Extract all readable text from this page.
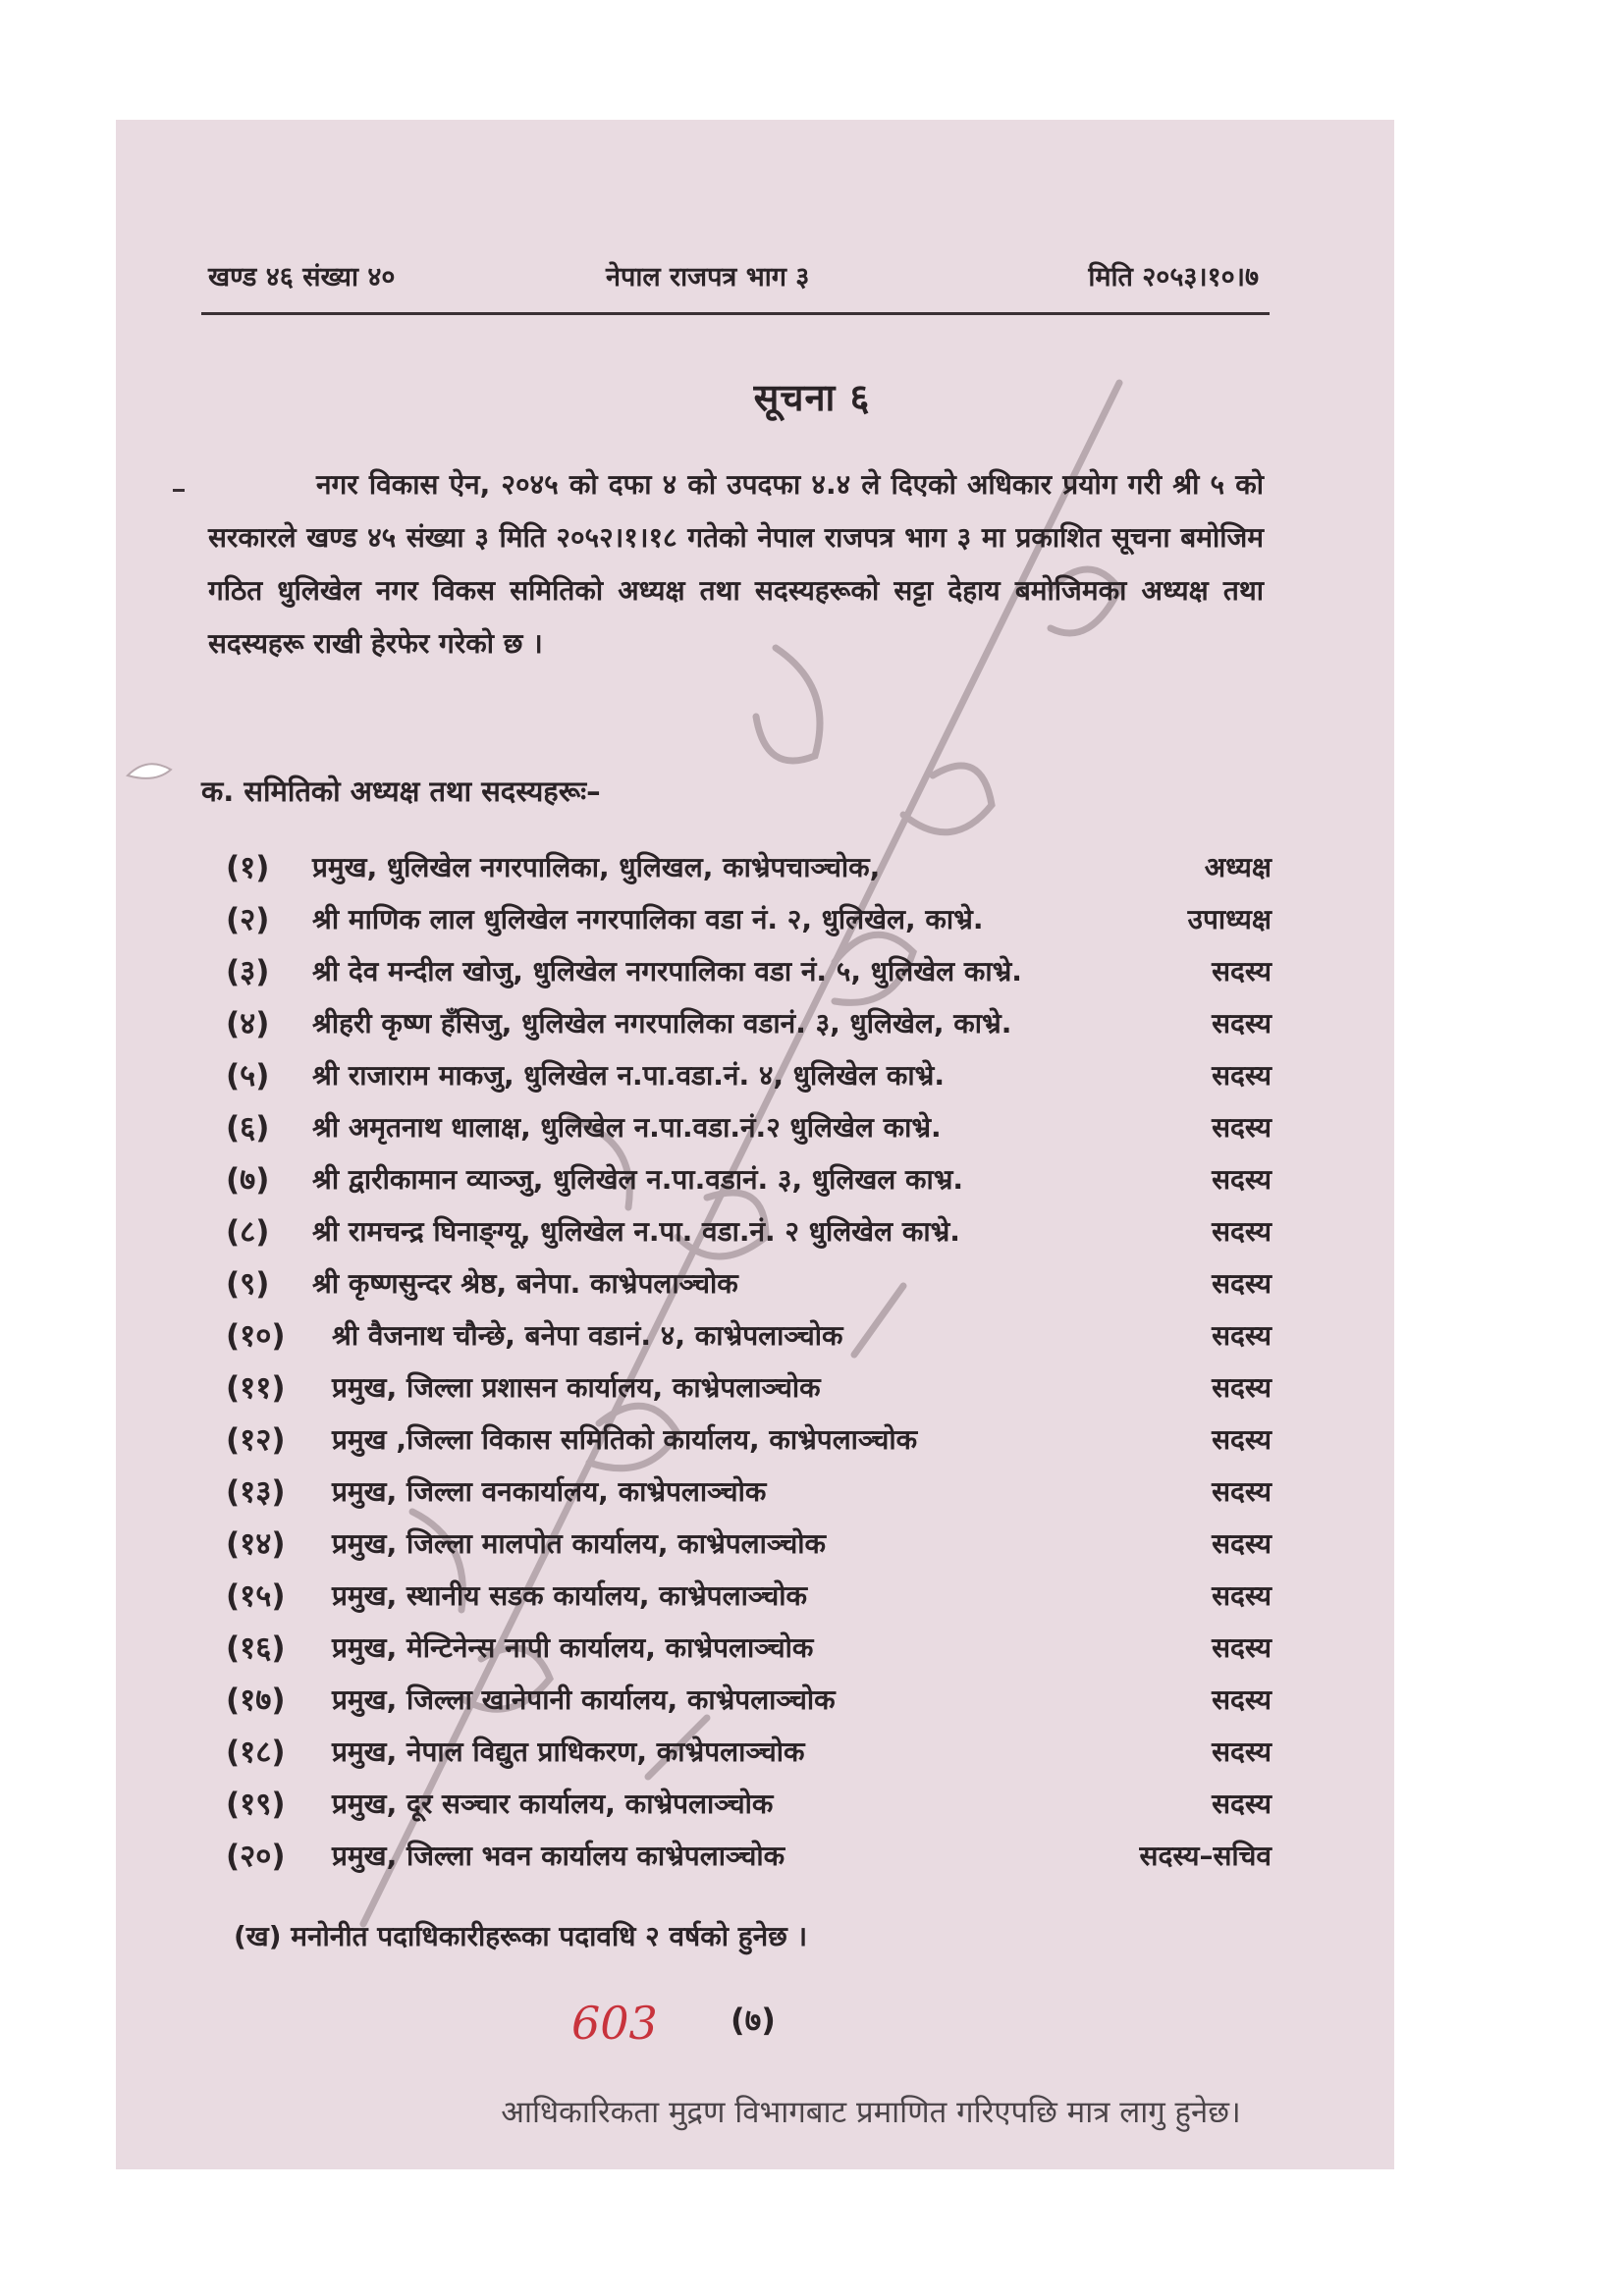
खण्ड ४६ संख्या ४०	नेपाल राजपत्र भाग ३	मिति २०५३।१०।७
सूचना ६
नगर विकास ऐन, २०४५ को दफा ४ को उपदफा ४.४ ले दिएको अधिकार प्रयोग गरी श्री ५ को सरकारले खण्ड ४५ संख्या ३ मिति २०५२।१।१८ गतेको नेपाल राजपत्र भाग ३ मा प्रकाशित सूचना बमोजिम गठित धुलिखेल नगर विकस समितिको अध्यक्ष तथा सदस्यहरूको सट्टा देहाय बमोजिमका अध्यक्ष तथा सदस्यहरू राखी हेरफेर गरेको छ ।
क. समितिको अध्यक्ष तथा सदस्यहरूः–
(१) प्रमुख, धुलिखेल नगरपालिका, धुलिखल, काभ्रेपचाञ्चोक,	अध्यक्ष
(२) श्री माणिक लाल धुलिखेल नगरपालिका वडा नं. २, धुलिखेल, काभ्रे.	उपाध्यक्ष
(३) श्री देव मन्दील खोजु, धुलिखेल नगरपालिका वडा नं. ५, धुलिखेल काभ्रे.	सदस्य
(४) श्रीहरी कृष्ण हँसिजु, धुलिखेल नगरपालिका वडानं. ३, धुलिखेल, काभ्रे.	सदस्य
(५) श्री राजाराम माकजु, धुलिखेल न.पा.वडा.नं. ४, धुलिखेल काभ्रे.	सदस्य
(६) श्री अमृतनाथ धालाक्ष, धुलिखेल न.पा.वडा.नं.२ धुलिखेल काभ्रे.	सदस्य
(७) श्री द्वारीकामान व्याञ्जु, धुलिखेल न.पा.वडानं. ३, धुलिखल काभ्र.	सदस्य
(८) श्री रामचन्द्र घिनाङ्ग्यू, धुलिखेल न.पा. वडा.नं. २ धुलिखेल काभ्रे.	सदस्य
(९) श्री कृष्णसुन्दर श्रेष्ठ, बनेपा. काभ्रेपलाञ्चोक	सदस्य
(१०) श्री वैजनाथ चौन्छे, बनेपा वडानं. ४, काभ्रेपलाञ्चोक	सदस्य
(११) प्रमुख, जिल्ला प्रशासन कार्यालय, काभ्रेपलाञ्चोक	सदस्य
(१२) प्रमुख ,जिल्ला विकास समितिको कार्यालय, काभ्रेपलाञ्चोक	सदस्य
(१३) प्रमुख, जिल्ला वनकार्यालय, काभ्रेपलाञ्चोक	सदस्य
(१४) प्रमुख, जिल्ला मालपोत कार्यालय, काभ्रेपलाञ्चोक	सदस्य
(१५) प्रमुख, स्थानीय सडक कार्यालय, काभ्रेपलाञ्चोक	सदस्य
(१६) प्रमुख, मेन्टिनेन्स नापी कार्यालय, काभ्रेपलाञ्चोक	सदस्य
(१७) प्रमुख, जिल्ला खानेपानी कार्यालय, काभ्रेपलाञ्चोक	सदस्य
(१८) प्रमुख, नेपाल विद्युत प्राधिकरण, काभ्रेपलाञ्चोक	सदस्य
(१९) प्रमुख, दूर सञ्चार कार्यालय, काभ्रेपलाञ्चोक	सदस्य
(२०) प्रमुख, जिल्ला भवन कार्यालय काभ्रेपलाञ्चोक	सदस्य–सचिव
(ख) मनोनीत पदाधिकारीहरूका पदावधि २ वर्षको हुनेछ ।
603 (७)
आधिकारिकता मुद्रण विभागबाट प्रमाणित गरिएपछि मात्र लागु हुनेछ।
